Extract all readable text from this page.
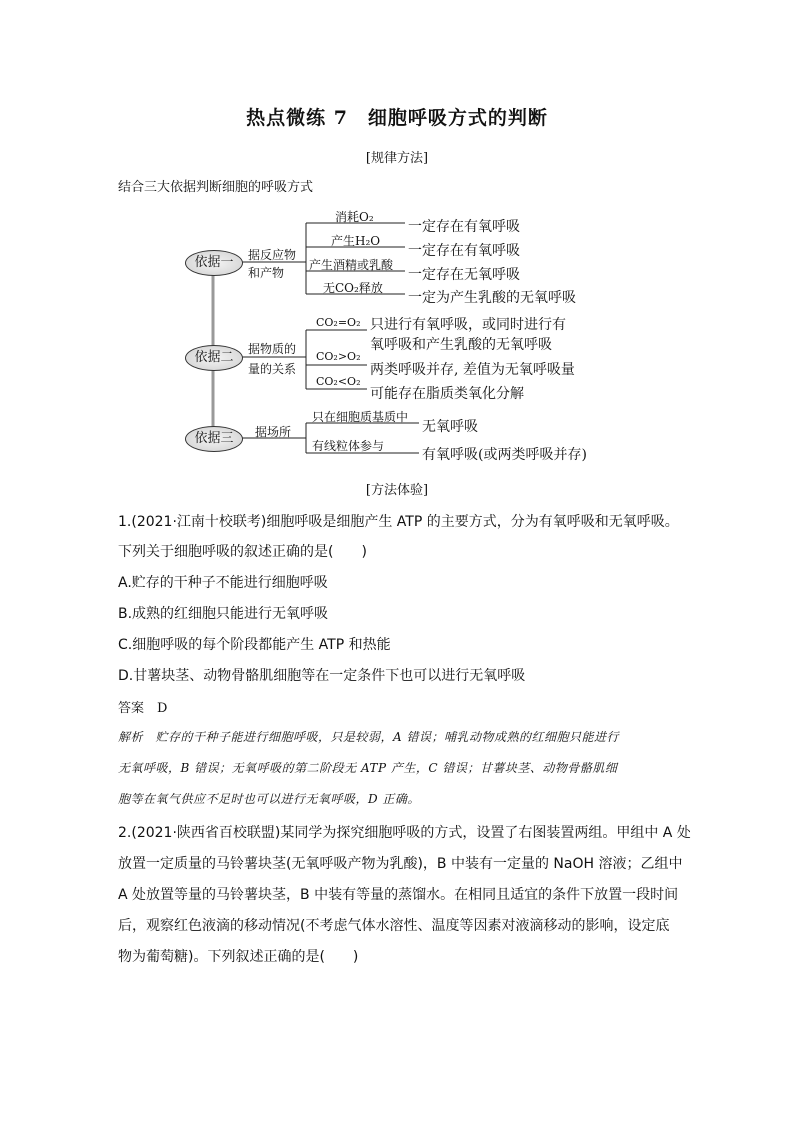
热点微练 7　细胞呼吸方式的判断
[规律方法]
结合三大依据判断细胞的呼吸方式
依据一
依据二
依据三
据反应物
和产物
消耗O₂
产生H₂O
产生酒精或乳酸
无CO₂释放
一定存在有氧呼吸
一定存在有氧呼吸
一定存在无氧呼吸
一定为产生乳酸的无氧呼吸
据物质的
量的关系
CO₂=O₂
CO₂>O₂
CO₂<O₂
只进行有氧呼吸，或同时进行有
氧呼吸和产生乳酸的无氧呼吸
两类呼吸并存, 差值为无氧呼吸量
可能存在脂质类氧化分解
据场所
只在细胞质基质中
有线粒体参与
无氧呼吸
有氧呼吸(或两类呼吸并存)
[方法体验]
1.(2021·江南十校联考)细胞呼吸是细胞产生 ATP 的主要方式，分为有氧呼吸和无氧呼吸。
下列关于细胞呼吸的叙述正确的是(　　)
A.贮存的干种子不能进行细胞呼吸
B.成熟的红细胞只能进行无氧呼吸
C.细胞呼吸的每个阶段都能产生 ATP 和热能
D.甘薯块茎、动物骨骼肌细胞等在一定条件下也可以进行无氧呼吸
答案　D
解析　贮存的干种子能进行细胞呼吸，只是较弱，A 错误；哺乳动物成熟的红细胞只能进行
无氧呼吸，B 错误；无氧呼吸的第二阶段无 ATP 产生，C 错误；甘薯块茎、动物骨骼肌细
胞等在氧气供应不足时也可以进行无氧呼吸，D 正确。
2.(2021·陕西省百校联盟)某同学为探究细胞呼吸的方式，设置了右图装置两组。甲组中 A 处
放置一定质量的马铃薯块茎(无氧呼吸产物为乳酸)，B 中装有一定量的 NaOH 溶液；乙组中
A 处放置等量的马铃薯块茎，B 中装有等量的蒸馏水。在相同且适宜的条件下放置一段时间
后，观察红色液滴的移动情况(不考虑气体水溶性、温度等因素对液滴移动的影响，设定底
物为葡萄糖)。下列叙述正确的是(　　)
